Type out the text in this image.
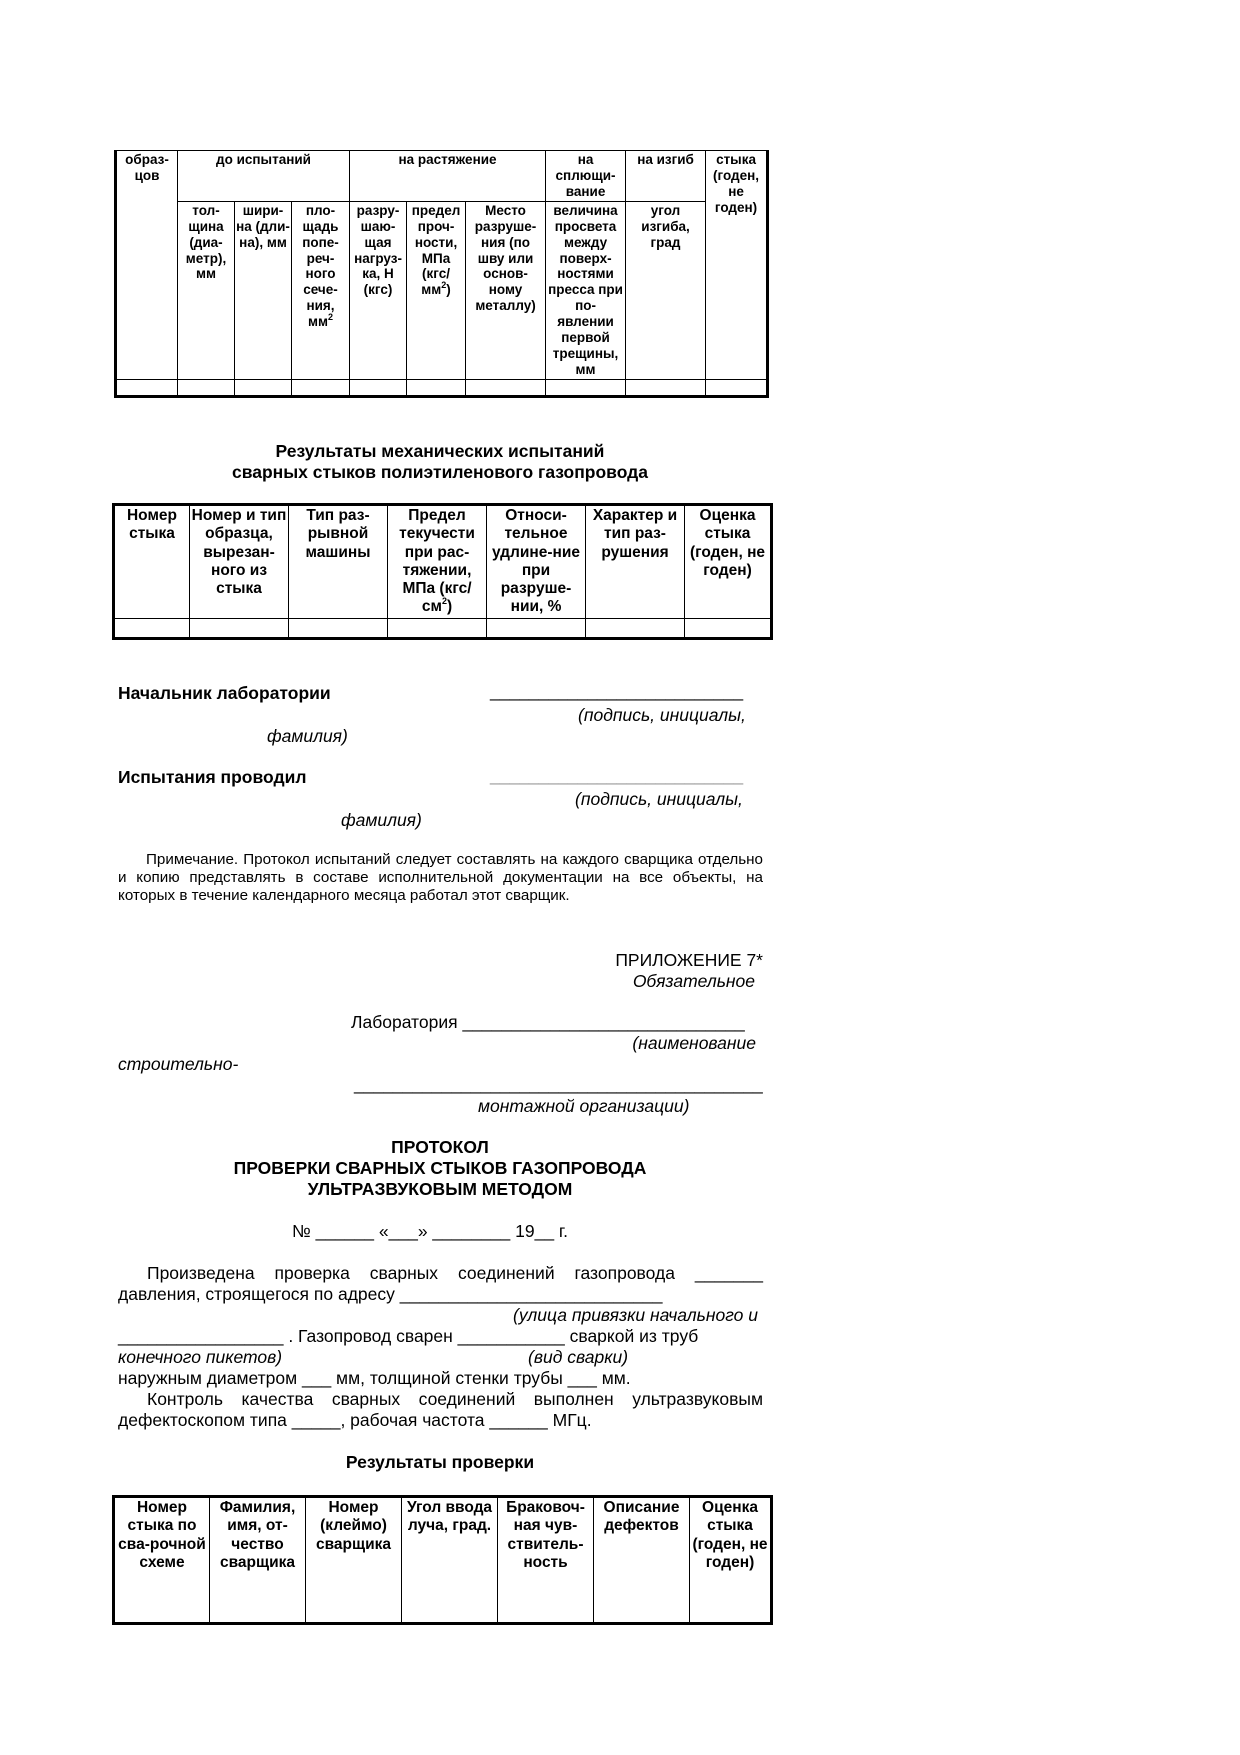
образ-цов	до испытаний			на растяжение			на сплющи-вание	на изгиб	стыка (годен, не годен)
	тол-щина (диа-метр), мм	шири-на (дли-на), мм	пло-щадь попе-реч-ного сече-ния, $мм^2$	разру-шаю-щая нагруз-ка, Н (кгс)	предел проч-ности, МПа (кгс/ $мм^2$)	Место разруше-ния (по шву или основ-ному металлу)	величина просвета между поверх-ностями пресса при по-явлении первой трещины, мм	угол изгиба, град	

Результаты механических испытаний
сварных стыков полиэтиленового газопровода
Номер стыка	Номер и тип образца, вырезан-ного из стыка	Тип раз-рывной машины	Предел текучести при рас-тяжении, МПа $(кгс/см^2)$	Относи-тельное удлине-ние при разруше-нии, %	Характер и тип раз-рушения	Оценка стыка (годен, не годен)

Начальник лаборатории	__________________________
(подпись, инициалы,
фамилия)
Испытания проводил	__________________________
(подпись, инициалы,
фамилия)
Примечание. Протокол испытаний следует составлять на каждого сварщика отдельно и копию представлять в составе исполнительной документации на все объекты, на которых в течение календарного месяца работал этот сварщик.
ПРИЛОЖЕНИЕ 7*
Обязательное
Лаборатория _____________________________
(наименование
строительно-
__________________________________________
монтажной организации)
ПРОТОКОЛ
ПРОВЕРКИ СВАРНЫХ СТЫКОВ ГАЗОПРОВОДА
УЛЬТРАЗВУКОВЫМ МЕТОДОМ
№ ______ «___» ________ 19__ г.
Произведена проверка сварных соединений газопровода _______
давления, строящегося по адресу ___________________________
(улица привязки начального и
_________________ . Газопровод сварен ___________ сваркой из труб
конечного пикетов)	(вид сварки)
наружным диаметром ___ мм, толщиной стенки трубы ___ мм.
Контроль качества сварных соединений выполнен ультразвуковым
дефектоскопом типа _____, рабочая частота ______ МГц.
Результаты проверки
Номер стыка по сва-рочной схеме	Фамилия, имя, от-чество сварщика	Номер (клеймо) сварщика	Угол ввода луча, град.	Браковоч-ная чув-ствитель-ность	Описание дефектов	Оценка стыка (годен, не годен)
